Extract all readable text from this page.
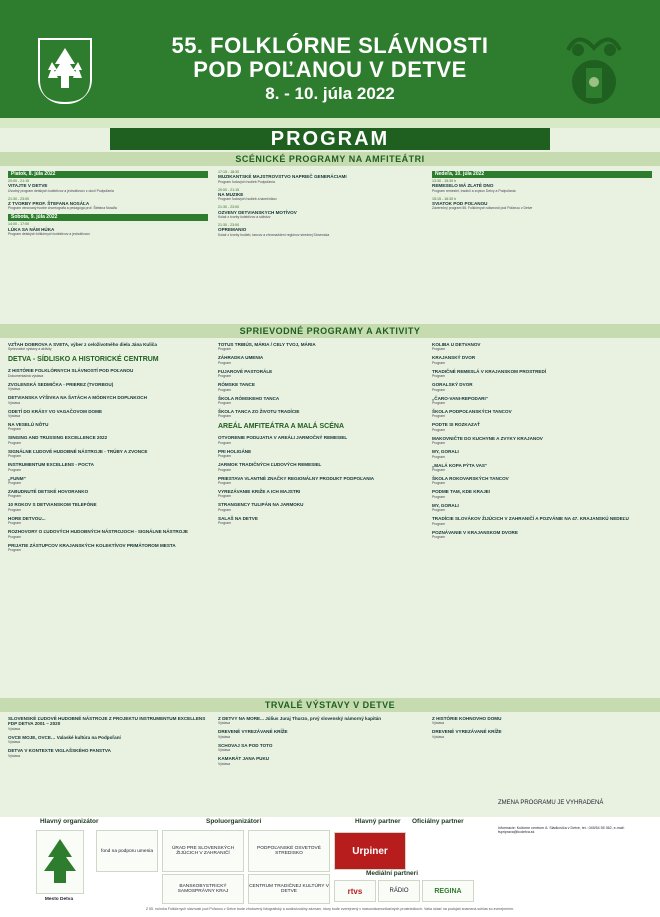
55. FOLKLÓRNE SLÁVNOSTI
POD POĽANOU V DETVE
8. - 10. júla 2022
PROGRAM
SCÉNICKÉ PROGRAMY NA AMFITEÁTRI
Piatok, 8. júla 2022
20:00 - 21:15
VITAJTE V DETVE
Úvodný program detských kolektívov a jednotlivcov z okolí Podpoľania
21:30 - 23:00
Z TVORBY PROF. ŠTEFANA NOSÁĽA
Program venovaný tvorbe choreografa a pedagóga prof. Štefana Nosáľa
Sobota, 9. júla 2022
14:00 - 17:00
LÚKA SA NÁM HÚKA
Program detských folklórnych kolektívov a jednotlivcov
17:15 - 18:30
MUZIKANTSKÉ MAJSTROVSTVO NAPRIEČ GENERÁCIAMI
Program ľudových hudieb Podpoľania
20:00 - 21:15
NA MUZIKE
Program ľudových hudieb a tanečníkov
21:30 - 23:00
OZVENY DETVIANSKYCH MOTÍVOV
Kolaž z tvorby kolektívov a sólistov
21:30 - 23:00
OPREMANIO
Kolaž z tvorby hudieb, tancov a zhromaždení regiónov strednej Slovenska
Nedeľa, 10. júla 2022
13:30 - 15:30 h
REMESELO MÁ ZLATÉ DNO
Program remesiel, tradícií a zvykov Detvy a Podpoľania
15:15 - 16:30 h
SVIATOK POD POĽANOU
Záverečný program 55. Folklórnych slávností pod Poľanou v Detve
SPRIEVODNÉ PROGRAMY A AKTIVITY
VZŤAH DOBROVA A SVETA, výber z celoživotného diela Jána Kuliča
Sprievodné výstavy a aktivity
DETVA - SÍDLISKO A HISTORICKÉ CENTRUM
Z HISTÓRIE FOLKLÓRNYCH SLÁVNOSTÍ POD POĽANOU
Dokumentačná výstava
ZVOLENSKÁ SEDMIČKA - PRIEREZ (TVORBOU)
Výstava
DETVIANSKA VÝŠIVKA NA ŠATÁCH A MÓDNYCH DOPLNKOCH
Výstava
ODETÍ DO KRÁSY VO VAGAČOVOM DOME
Výstava
NA VESELÚ NÔTU
Program
SINGING AND TRUSSING EXCELLENCE 2022
Program
SIGNÁLNE ĽUDOVÉ HUDOBNÉ NÁSTROJE - TRÚBY A ZVONCE
Program
INSTRUMENTUM EXCELLENS - POCTA
Program
„FUNM“
Program
ZABUDNUTÉ DETSKÉ HOVORANKO
Program
10 ROKOV S DETVIANSKOM TELEFÓNE
Program
HORE DETVOU...
Program
ROZHOVORY O ĽUDOVÝCH HUDOBNÝCH NÁSTROJOCH - SIGNÁLNE NÁSTROJE
Program
PRIJATIE ZÁSTUPCOV KRAJANSKÝCH KOLEKTÍVOV PRIMÁTOROM MESTA
Program
TOTUS TRIBÚS, MÁRIA / CELY TVOJ, MÁRIA
Program
ZÁHRADKA UMENIA
Program
FUJAROVÉ PASTORÁLE
Program
RÓMSKE TANCE
Program
ŠKOLA RÓMSKEHO TANCA
Program
ŠKOLA TANCA ZO ŽIVOTU TRADÍCIE
Program
AREÁL AMFITEÁTRA A MALÁ SCÉNA
OTVORENIE PODUJATIA V AREÁLI JARMOČNÝ REMESIEL
Program
PRI HOLIGÁNE
Program
JARMOK TRADIČNÝCH ĽUDOVÝCH REMESIEL
Program
PRIESTAVA VLANTNÉ ZNAČKY REGIONÁLNY PRODUKT PODPOĽANIA
Program
VYREZÁVANIE KRIŽE A ICH MAJSTRI
Program
STRANGENCY TULIPÁN NA JARMOKU
Program
SALAŠ NA DETVE
Program
KOLIBA U DETVANOV
Program
KRAJANSKÝ DVOR
Program
TRADIČNÉ REMESLÁ V KRAJANSKOM PROSTREDÍ
Program
GORALSKÝ DVOR
Program
„ČARO-VANI-REPODARI“
Program
ŠKOLA PODPOĽANSKÝCH TANCOV
Program
PODTE SI ROZKAZAŤ
Program
MAKOVNIČTE DO KUCHYNE A ZVYKY KRAJANOV
Program
MY, GORALI
Program
„MALÁ KOPA PÝTA VAS“
Program
ŠKOLA ROKOVARSKÝCH TANCOV
Program
PODME TAM, KDE KRAJE!
Program
MY, GORALI
Program
TRADÍCIE SLOVÁKOV ŽIJÚCICH V ZAHRANIČÍ A POZVÁNIE NA 47. KRAJANSKÚ NEDEĽU
Program
POZNÁVANIE V KRAJANSKOM DVORE
Program
TRVALÉ VÝSTAVY V DETVE
SLOVENSKÉ ĽUDOVÉ HUDOBNÉ NÁSTROJE Z PROJEKTU INSTRUMENTUM EXCELLENS FDP DETVA 2001 – 2020
Výstava
OVCE MOJE, OVCE… Valaské kultúra na Podpoľaní
Výstava
DETVA V KONTEXTE VIGLAŠSKÉHO PANSTVA
Výstava
Z DETVY NA MORE... Július Juraj Thurzo, prvý slovenský námorný kapitán
Výstava
DREVENÉ VYREZÁVANÉ KRÍŽE
Výstava
SCHOVAJ SA POD TOTO
Výstava
KAMARÁT JANA PUKU
Výstava
Z HISTÓRIE KOHNOVHO DOMU
Výstava
DREVENÉ VYREZÁVANÉ KRÍŽE
Výstava
ZMENA PROGRAMU JE VYHRADENÁ
Hlavný organizátor	Spoluorganizátori	Hlavný partner Oficiálny partner
Mesto Detva
fond na podporu umenia	ÚRAD PRE SLOVENSKÝCH ŽIJÚCICH V ZAHRANIČÍ
PODPOĽANSKÉ OSVETOVÉ STREDISKO
BANSKOBYSTRICKÝ SAMOSPRÁVNY KRAJ
CENTRUM TRADIČNEJ KULTÚRY V DETVE
Urpiner
Mediální partneri
rtvs	RÁDIO	REGINA
Informácie: Kultúrne centrum A. Sládkoviča v Detve, tel.: 045/54 55 362, e-mail: fspriprava@kcdetva.sk
Z 55. ročníka Folklórnych slávností pod Poľanou v Detve bude zhotovený fotografický a audiovizuálny záznam, ktorý bude zverejnený v masovokomunikačných prostriedkoch. Vaša účasť na podujatí znamená súhlas so zverejnením.
